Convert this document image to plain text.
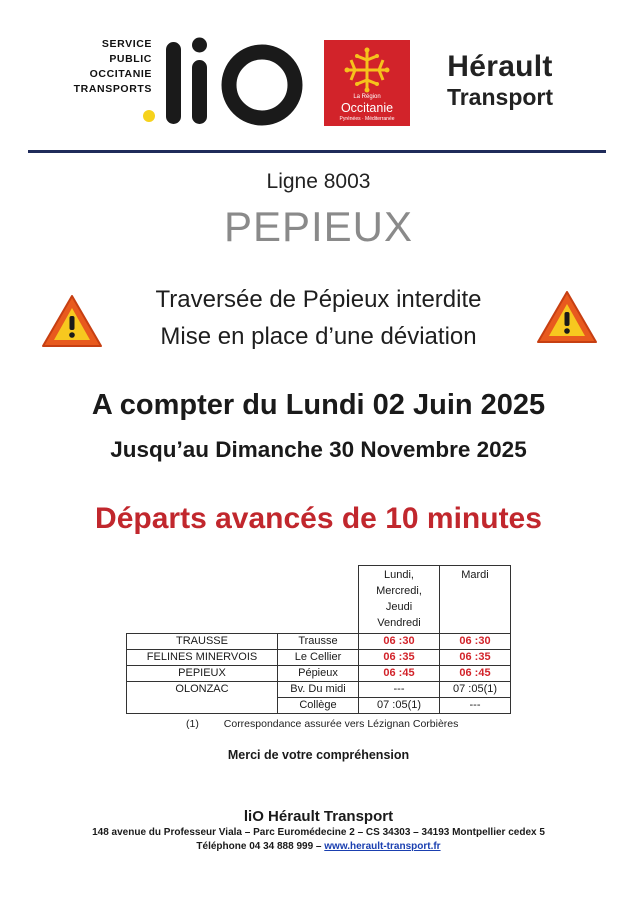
SERVICE
PUBLIC
OCCITANIE
TRANSPORTS
La Région
Occitanie
Pyrénées · Méditerranée
Hérault
Transport
Ligne 8003
PEPIEUX
Traversée de Pépieux interdite
Mise en place d’une déviation
A compter du Lundi 02 Juin 2025
Jusqu’au Dimanche 30 Novembre 2025
Départs avancés de 10 minutes

		Lundi,
Mercredi,
Jeudi
Vendredi	Mardi

TRAUSSE	Trausse	06 :30	06 :30
FELINES MINERVOIS	Le Cellier	06 :35	06 :35
PEPIEUX	Pépieux	06 :45	06 :45
OLONZAC	Bv. Du midi	---	07 :05(1)
	Collège	07 :05(1)	---
(1) Correspondance assurée vers Lézignan Corbières
Merci de votre compréhension
liO Hérault Transport
148 avenue du Professeur Viala – Parc Euromédecine 2 – CS 34303 – 34193 Montpellier cedex 5
Téléphone 04 34 888 999 – www.herault-transport.fr
